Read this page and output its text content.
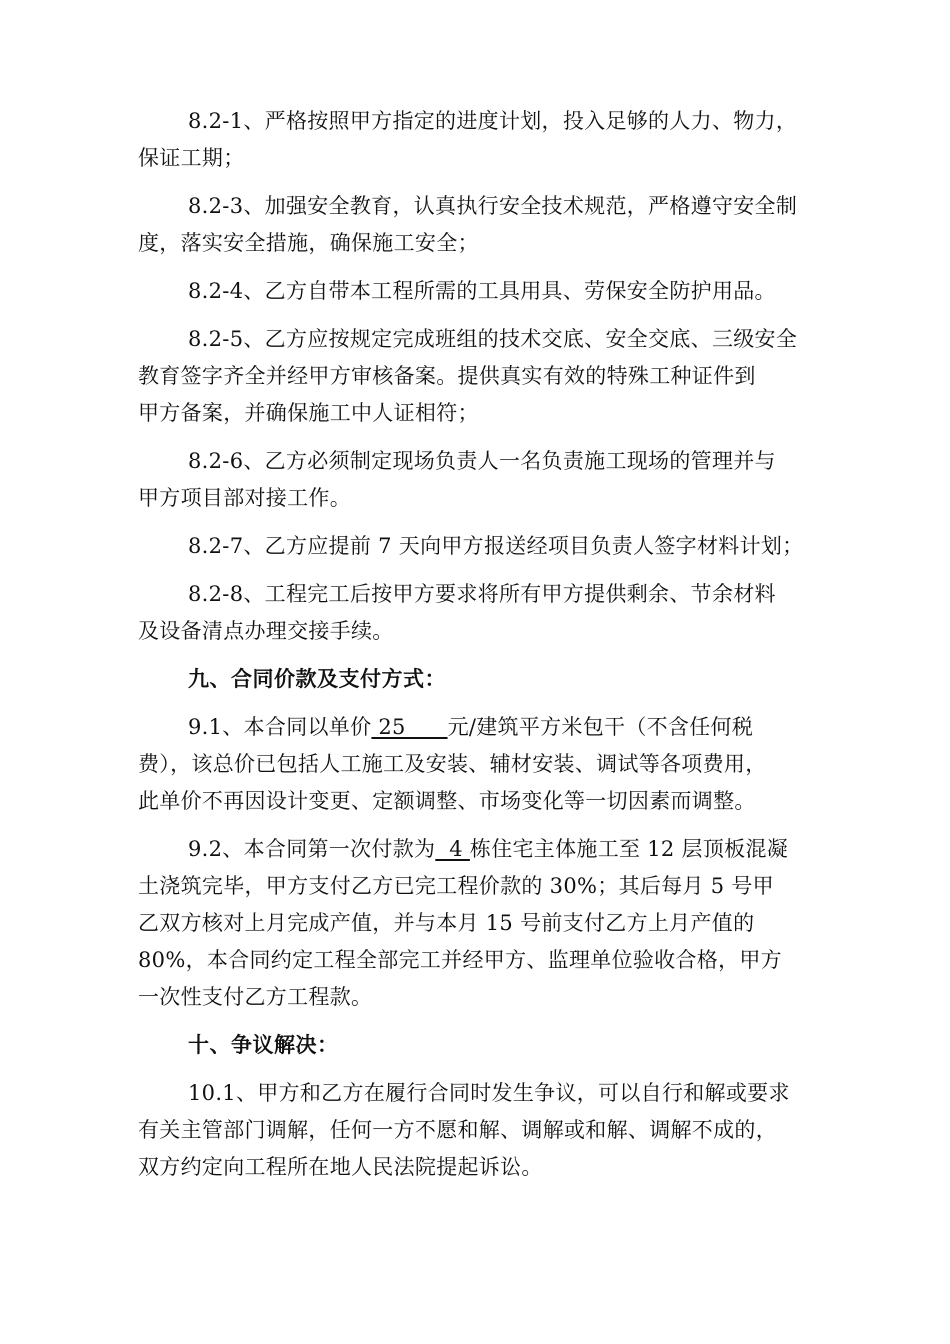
8.2-1、严格按照甲方指定的进度计划，投入足够的人力、物力，
保证工期；

8.2-3、加强安全教育，认真执行安全技术规范，严格遵守安全制
度，落实安全措施，确保施工安全；

8.2-4、乙方自带本工程所需的工具用具、劳保安全防护用品。

8.2-5、乙方应按规定完成班组的技术交底、安全交底、三级安全
教育签字齐全并经甲方审核备案。提供真实有效的特殊工种证件到
甲方备案，并确保施工中人证相符；

8.2-6、乙方必须制定现场负责人一名负责施工现场的管理并与
甲方项目部对接工作。

8.2-7、乙方应提前 7 天向甲方报送经项目负责人签字材料计划；

8.2-8、工程完工后按甲方要求将所有甲方提供剩余、节余材料
及设备清点办理交接手续。

九、合同价款及支付方式：

9.1、本合同以单价 25      元/建筑平方米包干（不含任何税
费），该总价已包括人工施工及安装、辅材安装、调试等各项费用，
此单价不再因设计变更、定额调整、市场变化等一切因素而调整。

9.2、本合同第一次付款为  4 栋住宅主体施工至 12 层顶板混凝
土浇筑完毕，甲方支付乙方已完工程价款的 30%；其后每月 5 号甲
乙双方核对上月完成产值，并与本月 15 号前支付乙方上月产值的
80%，本合同约定工程全部完工并经甲方、监理单位验收合格，甲方
一次性支付乙方工程款。

十、争议解决：

10.1、甲方和乙方在履行合同时发生争议，可以自行和解或要求
有关主管部门调解，任何一方不愿和解、调解或和解、调解不成的，
双方约定向工程所在地人民法院提起诉讼。
